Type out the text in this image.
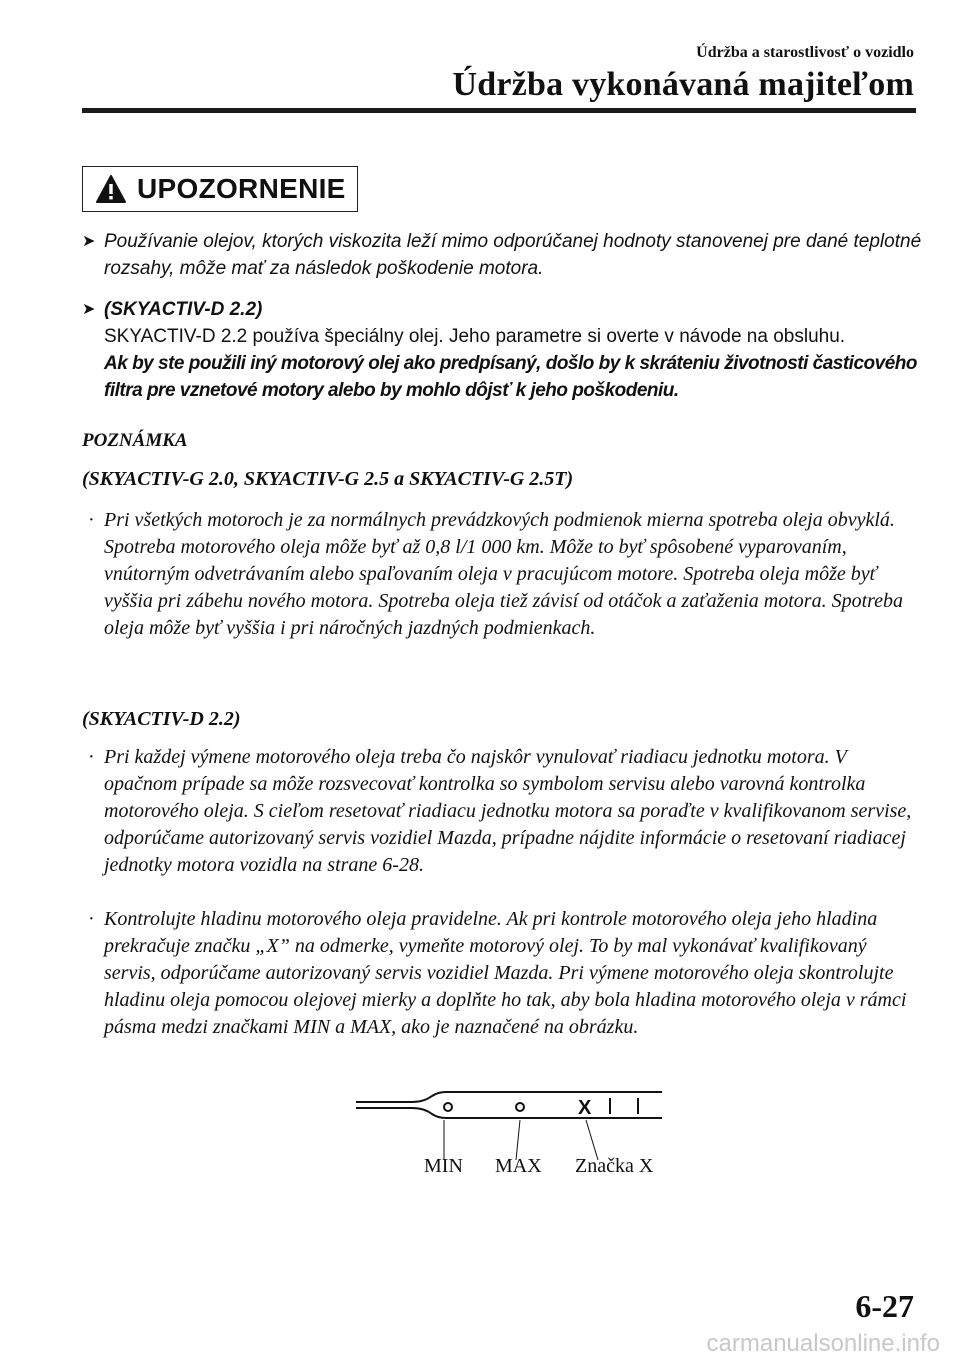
Údržba a starostlivosť o vozidlo
Údržba vykonávaná majiteľom
UPOZORNENIE
➤ Používanie olejov, ktorých viskozita leží mimo odporúčanej hodnoty stanovenej pre dané teplotné rozsahy, môže mať za následok poškodenie motora.
➤ (SKYACTIV-D 2.2)
SKYACTIV-D 2.2 používa špeciálny olej. Jeho parametre si overte v návode na obsluhu.
Ak by ste použili iný motorový olej ako predpísaný, došlo by k skráteniu životnosti časticového filtra pre vznetové motory alebo by mohlo dôjsť k jeho poškodeniu.
POZNÁMKA
(SKYACTIV-G 2.0, SKYACTIV-G 2.5 a SKYACTIV-G 2.5T)
· Pri všetkých motoroch je za normálnych prevádzkových podmienok mierna spotreba oleja obvyklá.
Spotreba motorového oleja môže byť až 0,8 l/1 000 km. Môže to byť spôsobené vyparovaním, vnútorným odvetrávaním alebo spaľovaním oleja v pracujúcom motore. Spotreba oleja môže byť vyššia pri zábehu nového motora. Spotreba oleja tiež závisí od otáčok a zaťaženia motora. Spotreba oleja môže byť vyššia i pri náročných jazdných podmienkach.
(SKYACTIV-D 2.2)
· Pri každej výmene motorového oleja treba čo najskôr vynulovať riadiacu jednotku motora. V opačnom prípade sa môže rozsvecovať kontrolka so symbolom servisu alebo varovná kontrolka motorového oleja. S cieľom resetovať riadiacu jednotku motora sa poraďte v kvalifikovanom servise, odporúčame autorizovaný servis vozidiel Mazda, prípadne nájdite informácie o resetovaní riadiacej jednotky motora vozidla na strane 6-28.
· Kontrolujte hladinu motorového oleja pravidelne. Ak pri kontrole motorového oleja jeho hladina prekračuje značku „X” na odmerke, vymeňte motorový olej. To by mal vykonávať kvalifikovaný servis, odporúčame autorizovaný servis vozidiel Mazda. Pri výmene motorového oleja skontrolujte hladinu oleja pomocou olejovej mierky a doplňte ho tak, aby bola hladina motorového oleja v rámci pásma medzi značkami MIN a MAX, ako je naznačené na obrázku.
X
MIN MAX Značka X
6-27
carmanualsonline.info
